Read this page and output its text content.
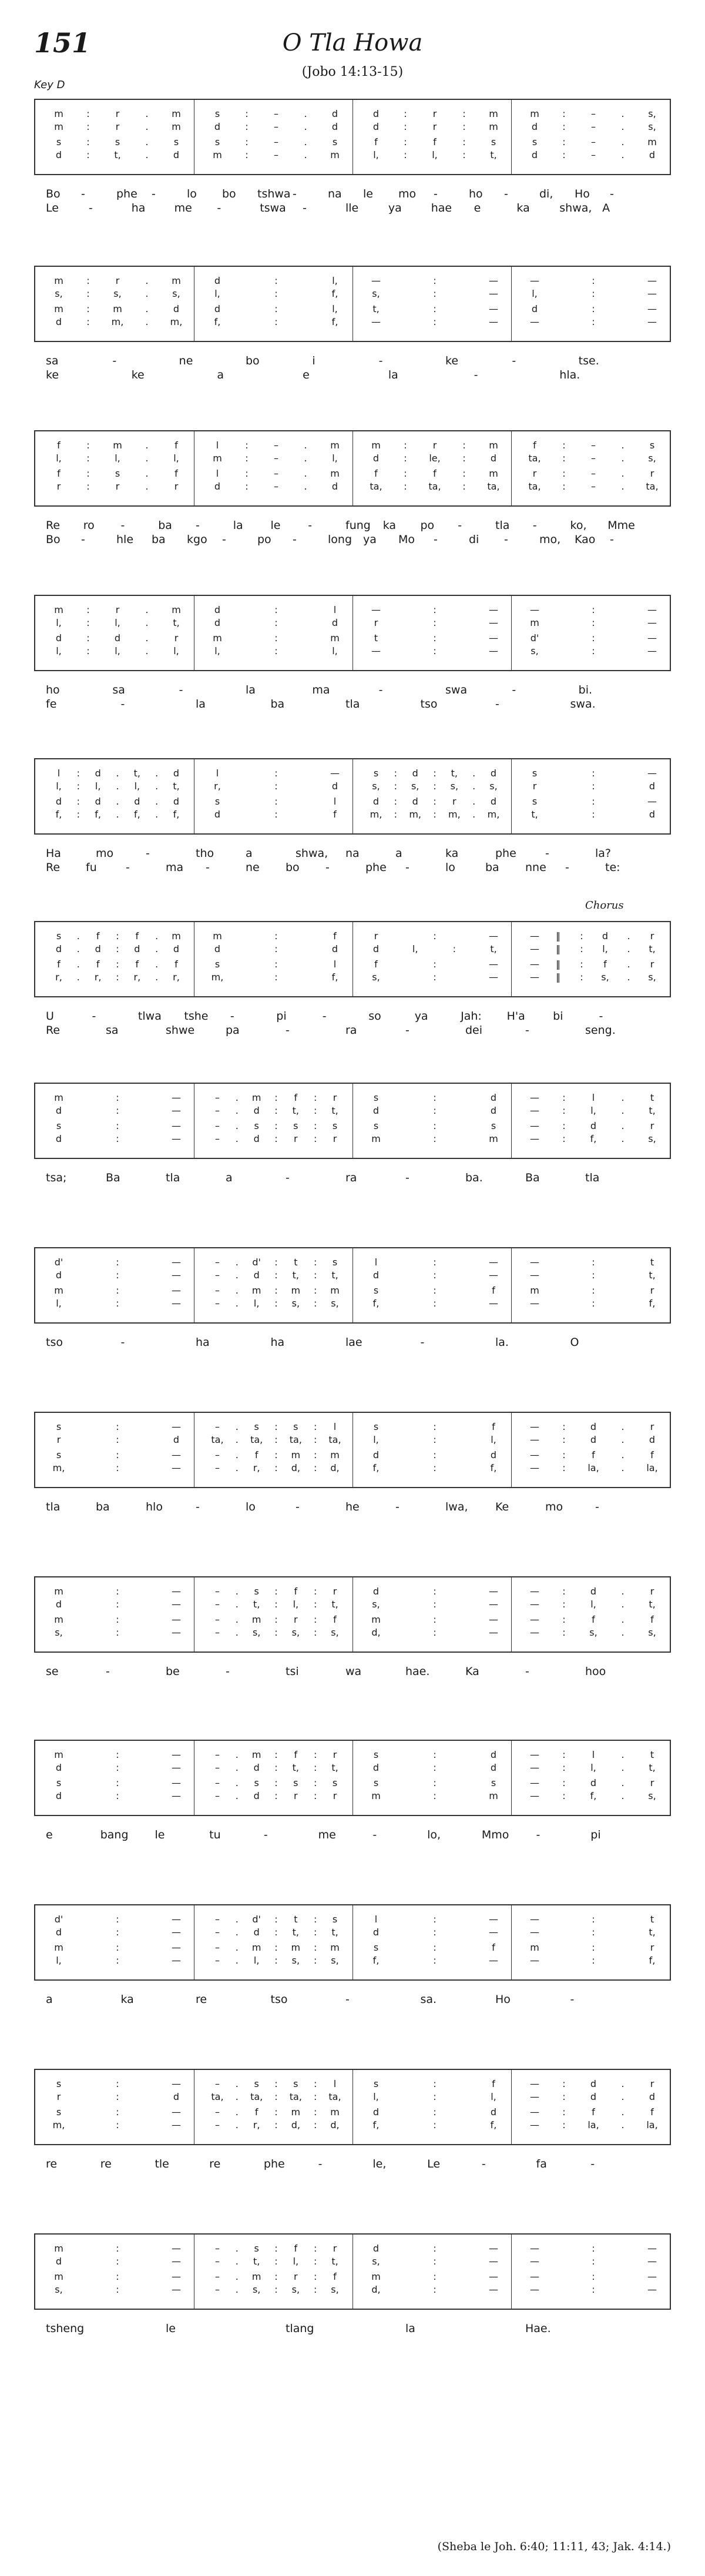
151	O Tla Howa
(Jobo 14:13-15)
Key D
Chorus
m	:	r	.	m	s	:	–	.	d	d	:	r	:	m	m	:	–	.	s,
m	:	r	.	m	d	:	–	.	d	d	:	r	:	m	d	:	–	.	s,
s	:	s	.	s	s	:	–	.	s	f	:	f	:	s	s	:	–	.	m
d	:	t,	.	d	m	:	–	.	m	l,	:	l,	:	t,	d	:	–	.	d
Bo -	phe -	lo bo tshwa -	na le mo -	ho -	di, Ho -
Le	-	ha	me -	tswa -	lle	ya	hae e	ka	shwa, A
m	:	r	.	m	d	:	l,	—	:	—	—	:	—
s,	:	s,	.	s,	l,	:	f,	s,	:	—	l,	:	—
m	:	m	.	d	d	:	l,	t,	:	—	d	:	—
d	:	m,	.	m,	f,	:	f,	—	:	—	—	:	—
sa	-	ne	bo	i	-	ke	-	tse.
ke	ke	a	e	la	-	hla.
f	:	m	.	f	l	:	–	.	m	m	:	r	:	m	f	:	–	.	s
l,	:	l,	.	l,	m	:	–	.	l,	d	:	le,	:	d	ta,	:	–	.	s,
f	:	s	.	f	l	:	–	.	m	f	:	f	:	m	r	:	–	.	r
r	:	r	.	r	d	:	–	.	d	ta,	:	ta,	:	ta,	ta,	:	–	.	ta,
Re ro -	ba -	la le -	fung ka po -	tla -	ko, Mme
Bo -	hle ba kgo -	po -	long ya Mo -	di -	mo, Kao -
m	:	r	.	m	d	:	l	—	:	—	—	:	—
l,	:	l,	.	t,	d	:	d	r	:	—	m	:	—
d	:	d	.	r	m	:	m	t	:	—	d'	:	—
l,	:	l,	.	l,	l,	:	l,	—	:	—	s,	:	—
ho	sa	-	la	ma	-	swa	-	bi.
fe	-	la	ba	tla	tso	-	swa.
l	:	d	.	t,	.	d	l	:	—	s	:	d	:	t,	.	d	s	:	—
l,	:	l,	.	l,	.	t,	r,	:	d	s,	:	s,	:	s,	.	s,	r	:	d
d	:	d	.	d	.	d	s	:	l	d	:	d	:	r	.	d	s	:	—
f,	:	f,	.	f,	.	f,	d	:	f	m,	:	m,	:	m,	.	m,	t,	:	d
Ha	mo	-	tho	a	shwa, na	a	ka	phe	-	la?
Re fu	-	ma -	ne bo -	phe -	lo	ba nne -	te:
s	.	f	:	f	.	m	m	:	f	r	:	—	—	‖	:	d	.	r
d	.	d	:	d	.	d	d	:	d	d	l,	:	t,	—	‖	:	l,	.	t,
f	.	f	:	f	.	f	s	:	l	f	:	—	—	‖	:	f	.	r
r,	.	r,	:	r,	.	r,	m,	:	f,	s,	:	—	—	‖	:	s,	.	s,
U	-	tlwa tshe -	pi	-	so	ya	Jah: H'a bi	-
Re	sa	shwe	pa	-	ra	-	dei	-	seng.
m	:	—	–	.	m	:	f	:	r	s	:	d	—	:	l	.	t
d	:	—	–	.	d	:	t,	:	t,	d	:	d	—	:	l,	.	t,
s	:	—	–	.	s	:	s	:	s	s	:	s	—	:	d	.	r
d	:	—	–	.	d	:	r	:	r	m	:	m	—	:	f,	.	s,
tsa;	Ba	tla	a	-	ra	-	ba.	Ba	tla
d'	:	—	–	.	d'	:	t	:	s	l	:	—	—	:	t
d	:	—	–	.	d	:	t,	:	t,	d	:	—	—	:	t,
m	:	—	–	.	m	:	m	:	m	s	:	f	m	:	r
l,	:	—	–	.	l,	:	s,	:	s,	f,	:	—	—	:	f,
tso	-	ha	ha	lae	-	la.	O
s	:	—	–	.	s	:	s	:	l	s	:	f	—	:	d	.	r
r	:	d	ta,	.	ta,	:	ta,	:	ta,	l,	:	l,	—	:	d	.	d
s	:	—	–	.	f	:	m	:	m	d	:	d	—	:	f	.	f
m,	:	—	–	.	r,	:	d,	:	d,	f,	:	f,	—	:	la,	.	la,
tla	ba	hlo	-	lo	-	he	-	lwa, Ke	mo	-
m	:	—	–	.	s	:	f	:	r	d	:	—	—	:	d	.	r
d	:	—	–	.	t,	:	l,	:	t,	s,	:	—	—	:	l,	.	t,
m	:	—	–	.	m	:	r	:	f	m	:	—	—	:	f	.	f
s,	:	—	–	.	s,	:	s,	:	s,	d,	:	—	—	:	s,	.	s,
se	-	be	-	tsi	wa	hae.	Ka	-	hoo
m	:	—	–	.	m	:	f	:	r	s	:	d	—	:	l	.	t
d	:	—	–	.	d	:	t,	:	t,	d	:	d	—	:	l,	.	t,
s	:	—	–	.	s	:	s	:	s	s	:	s	—	:	d	.	r
d	:	—	–	.	d	:	r	:	r	m	:	m	—	:	f,	.	s,
e	bang le	tu	-	me	-	lo,	Mmo -	pi
d'	:	—	–	.	d'	:	t	:	s	l	:	—	—	:	t
d	:	—	–	.	d	:	t,	:	t,	d	:	—	—	:	t,
m	:	—	–	.	m	:	m	:	m	s	:	f	m	:	r
l,	:	—	–	.	l,	:	s,	:	s,	f,	:	—	—	:	f,
a	ka	re	tso	-	sa.	Ho	-
s	:	—	–	.	s	:	s	:	l	s	:	f	—	:	d	.	r
r	:	d	ta,	.	ta,	:	ta,	:	ta,	l,	:	l,	—	:	d	.	d
s	:	—	–	.	f	:	m	:	m	d	:	d	—	:	f	.	f
m,	:	—	–	.	r,	:	d,	:	d,	f,	:	f,	—	:	la,	.	la,
re	re	tle	re	phe	-	le,	Le	-	fa	-
m	:	—	–	.	s	:	f	:	r	d	:	—	—	:	—
d	:	—	–	.	t,	:	l,	:	t,	s,	:	—	—	:	—
m	:	—	–	.	m	:	r	:	f	m	:	—	—	:	—
s,	:	—	–	.	s,	:	s,	:	s,	d,	:	—	—	:	—
tsheng	le	tlang	la	Hae.
(Sheba le Joh. 6:40; 11:11, 43; Jak. 4:14.)
